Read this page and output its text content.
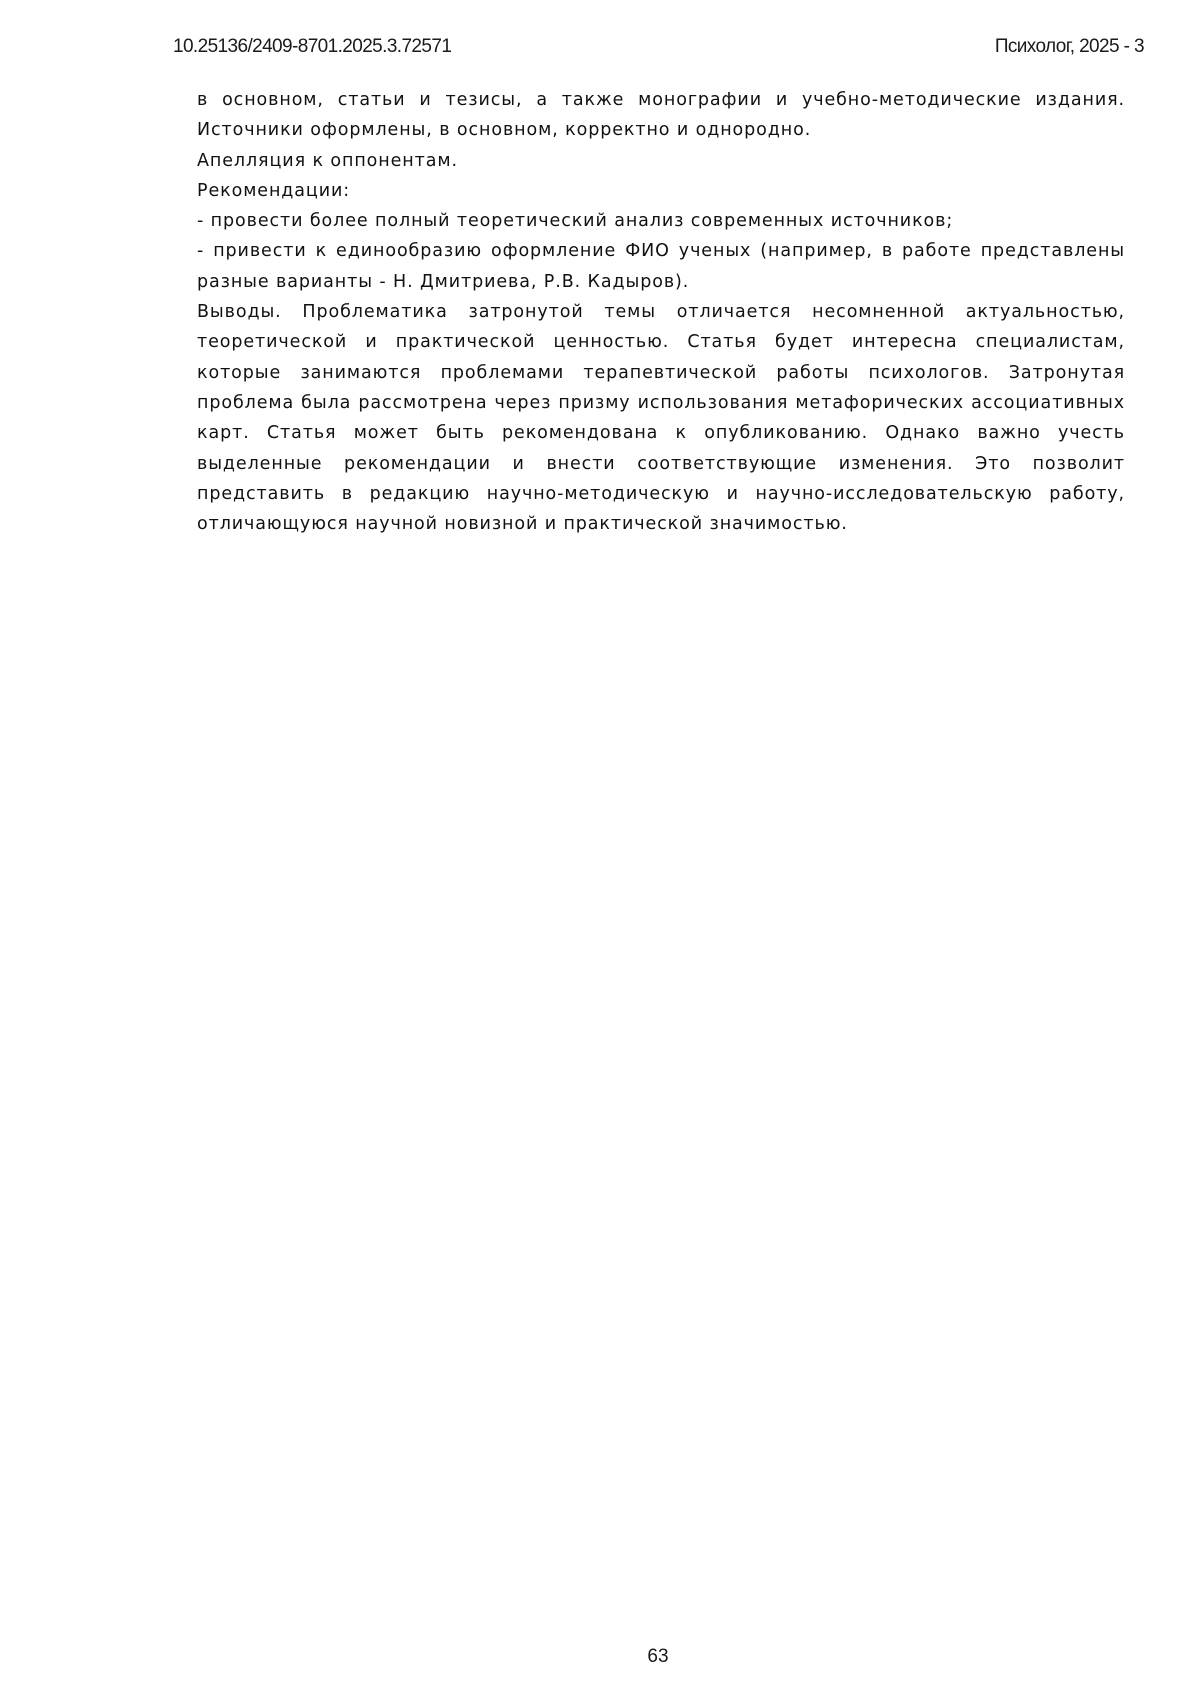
10.25136/2409-8701.2025.3.72571	Психолог, 2025 - 3

в основном, статьи и тезисы, а также монографии и учебно-методические издания. Источники оформлены, в основном, корректно и однородно.

Апелляция к оппонентам.

Рекомендации:

- провести более полный теоретический анализ современных источников;

- привести к единообразию оформление ФИО ученых (например, в работе представлены разные варианты - Н. Дмитриева, Р.В. Кадыров).

Выводы. Проблематика затронутой темы отличается несомненной актуальностью, теоретической и практической ценностью. Статья будет интересна специалистам, которые занимаются проблемами терапевтической работы психологов. Затронутая проблема была рассмотрена через призму использования метафорических ассоциативных карт. Статья может быть рекомендована к опубликованию. Однако важно учесть выделенные рекомендации и внести соответствующие изменения. Это позволит представить в редакцию научно-методическую и научно-исследовательскую работу, отличающуюся научной новизной и практической значимостью.

63
